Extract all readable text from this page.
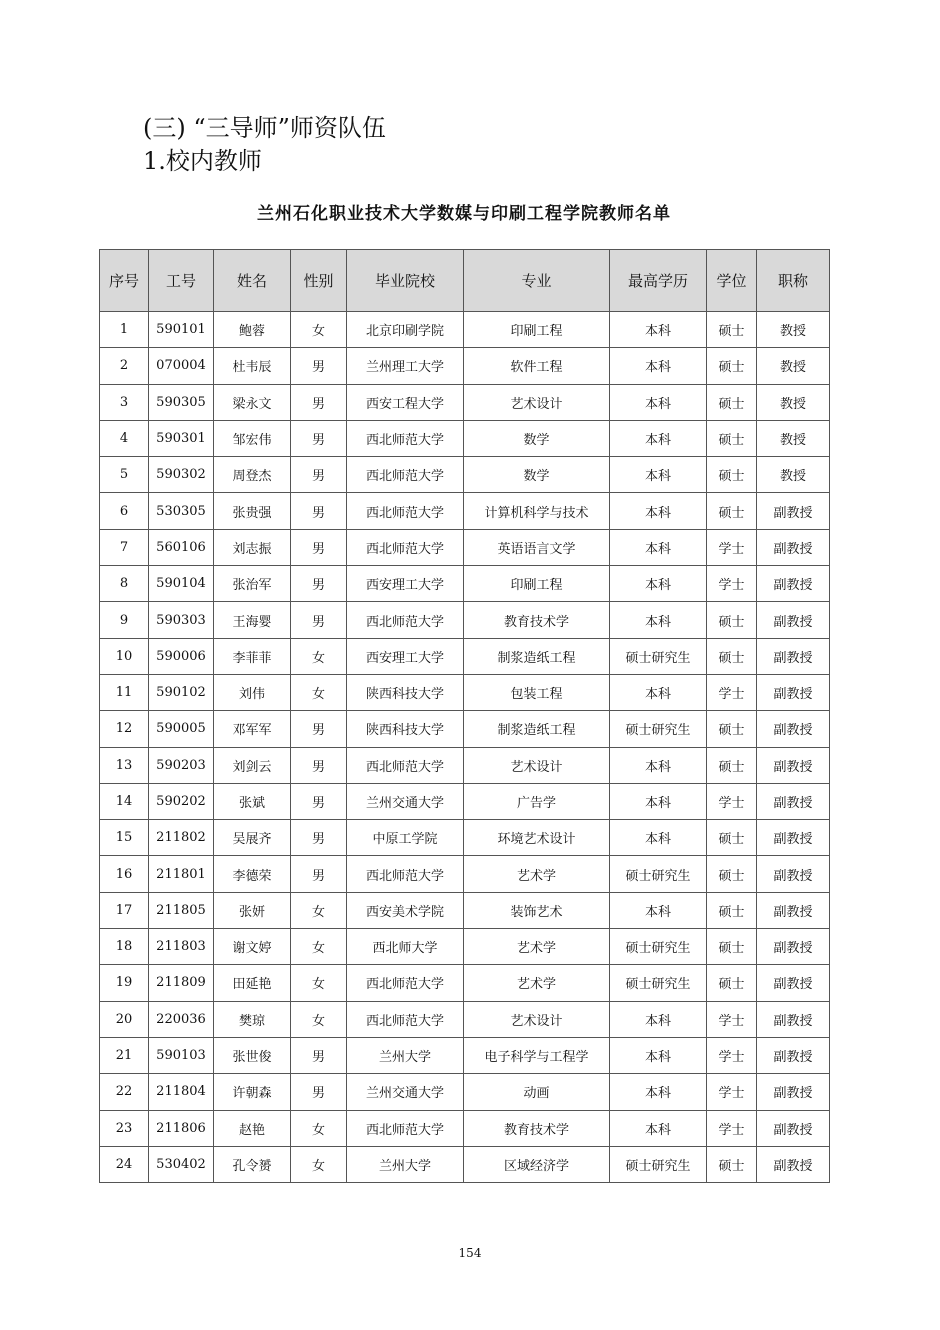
(三) “三导师”师资队伍
1.校内教师
兰州石化职业技术大学数媒与印刷工程学院教师名单
序号	工号	姓名	性别	毕业院校	专业	最高学历	学位	职称
1	590101	鲍蓉	女	北京印刷学院	印刷工程	本科	硕士	教授
2	070004	杜韦辰	男	兰州理工大学	软件工程	本科	硕士	教授
3	590305	梁永文	男	西安工程大学	艺术设计	本科	硕士	教授
4	590301	邹宏伟	男	西北师范大学	数学	本科	硕士	教授
5	590302	周登杰	男	西北师范大学	数学	本科	硕士	教授
6	530305	张贵强	男	西北师范大学	计算机科学与技术	本科	硕士	副教授
7	560106	刘志振	男	西北师范大学	英语语言文学	本科	学士	副教授
8	590104	张治军	男	西安理工大学	印刷工程	本科	学士	副教授
9	590303	王海婴	男	西北师范大学	教育技术学	本科	硕士	副教授
10	590006	李菲菲	女	西安理工大学	制浆造纸工程	硕士研究生	硕士	副教授
11	590102	刘伟	女	陕西科技大学	包装工程	本科	学士	副教授
12	590005	邓军军	男	陕西科技大学	制浆造纸工程	硕士研究生	硕士	副教授
13	590203	刘剑云	男	西北师范大学	艺术设计	本科	硕士	副教授
14	590202	张斌	男	兰州交通大学	广告学	本科	学士	副教授
15	211802	吴展齐	男	中原工学院	环境艺术设计	本科	硕士	副教授
16	211801	李德荣	男	西北师范大学	艺术学	硕士研究生	硕士	副教授
17	211805	张妍	女	西安美术学院	装饰艺术	本科	硕士	副教授
18	211803	谢文婷	女	西北师大学	艺术学	硕士研究生	硕士	副教授
19	211809	田延艳	女	西北师范大学	艺术学	硕士研究生	硕士	副教授
20	220036	樊琼	女	西北师范大学	艺术设计	本科	学士	副教授
21	590103	张世俊	男	兰州大学	电子科学与工程学	本科	学士	副教授
22	211804	许朝森	男	兰州交通大学	动画	本科	学士	副教授
23	211806	赵艳	女	西北师范大学	教育技术学	本科	学士	副教授
24	530402	孔令赟	女	兰州大学	区域经济学	硕士研究生	硕士	副教授
154
